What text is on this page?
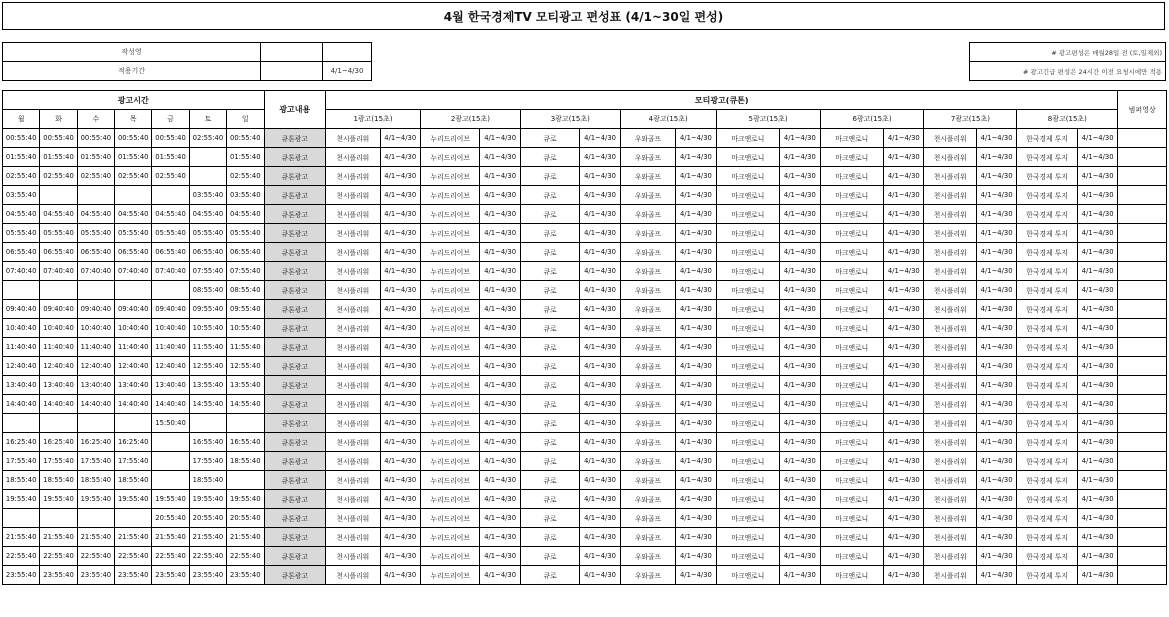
4월 한국경제TV 모티광고 편성표 (4/1~30일 편성)
작성영		
적용기간		4/1~4/30
# 광고편성은 매월28일 전 (토,일제외)
# 광고긴급 편성은 24시간 이전 요청시에만 적용
광고시간							광고내용	모티광고(큐톤)																범퍼영상
월	화	수	목	금	토	일		1광고(15초)		2광고(15초)		3광고(15초)		4광고(15초)		5광고(15초)		6광고(15초)		7광고(15초)		8광고(15초)		
00:55:40	00:55:40	00:55:40	00:55:40	00:55:40	02:55:40	00:55:40	큐톤광고	천시플리워	4/1~4/30	누리드리이브	4/1~4/30	큐로	4/1~4/30	우와골프	4/1~4/30	마크앤로니	4/1~4/30	마크앤로니	4/1~4/30	천시플리워	4/1~4/30	한국경제 투지	4/1~4/30	
01:55:40	01:55:40	01:55:40	01:55:40	01:55:40		01:55:40	큐톤광고	천시플리워	4/1~4/30	누리드리이브	4/1~4/30	큐로	4/1~4/30	우와골프	4/1~4/30	마크앤로니	4/1~4/30	마크앤로니	4/1~4/30	천시플리워	4/1~4/30	한국경제 투지	4/1~4/30	
02:55:40	02:55:40	02:55:40	02:55:40	02:55:40		02:55:40	큐톤광고	천시플리워	4/1~4/30	누리드리이브	4/1~4/30	큐로	4/1~4/30	우와골프	4/1~4/30	마크앤로니	4/1~4/30	마크앤로니	4/1~4/30	천시플리워	4/1~4/30	한국경제 투지	4/1~4/30	
03:55:40					03:55:40	03:55:40	큐톤광고	천시플리워	4/1~4/30	누리드리이브	4/1~4/30	큐로	4/1~4/30	우와골프	4/1~4/30	마크앤로니	4/1~4/30	마크앤로니	4/1~4/30	천시플리워	4/1~4/30	한국경제 투지	4/1~4/30	
04:55:40	04:55:40	04:55:40	04:55:40	04:55:40	04:55:40	04:55:40	큐톤광고	천시플리워	4/1~4/30	누리드리이브	4/1~4/30	큐로	4/1~4/30	우와골프	4/1~4/30	마크앤로니	4/1~4/30	마크앤로니	4/1~4/30	천시플리워	4/1~4/30	한국경제 투지	4/1~4/30	
05:55:40	05:55:40	05:55:40	05:55:40	05:55:40	05:55:40	05:55:40	큐톤광고	천시플리워	4/1~4/30	누리드리이브	4/1~4/30	큐로	4/1~4/30	우와골프	4/1~4/30	마크앤로니	4/1~4/30	마크앤로니	4/1~4/30	천시플리워	4/1~4/30	한국경제 투지	4/1~4/30	
06:55:40	06:55:40	06:55:40	06:55:40	06:55:40	06:55:40	06:55:40	큐톤광고	천시플리워	4/1~4/30	누리드리이브	4/1~4/30	큐로	4/1~4/30	우와골프	4/1~4/30	마크앤로니	4/1~4/30	마크앤로니	4/1~4/30	천시플리워	4/1~4/30	한국경제 투지	4/1~4/30	
07:40:40	07:40:40	07:40:40	07:40:40	07:40:40	07:55:40	07:55:40	큐톤광고	천시플리워	4/1~4/30	누리드리이브	4/1~4/30	큐로	4/1~4/30	우와골프	4/1~4/30	마크앤로니	4/1~4/30	마크앤로니	4/1~4/30	천시플리워	4/1~4/30	한국경제 투지	4/1~4/30	
					08:55:40	08:55:40	큐톤광고	천시플리워	4/1~4/30	누리드리이브	4/1~4/30	큐로	4/1~4/30	우와골프	4/1~4/30	마크앤로니	4/1~4/30	마크앤로니	4/1~4/30	천시플리워	4/1~4/30	한국경제 투지	4/1~4/30	
09:40:40	09:40:40	09:40:40	09:40:40	09:40:40	09:55:40	09:55:40	큐톤광고	천시플리워	4/1~4/30	누리드리이브	4/1~4/30	큐로	4/1~4/30	우와골프	4/1~4/30	마크앤로니	4/1~4/30	마크앤로니	4/1~4/30	천시플리워	4/1~4/30	한국경제 투지	4/1~4/30	
10:40:40	10:40:40	10:40:40	10:40:40	10:40:40	10:55:40	10:55:40	큐톤광고	천시플리워	4/1~4/30	누리드리이브	4/1~4/30	큐로	4/1~4/30	우와골프	4/1~4/30	마크앤로니	4/1~4/30	마크앤로니	4/1~4/30	천시플리워	4/1~4/30	한국경제 투지	4/1~4/30	
11:40:40	11:40:40	11:40:40	11:40:40	11:40:40	11:55:40	11:55:40	큐톤광고	천시플리워	4/1~4/30	누리드리이브	4/1~4/30	큐로	4/1~4/30	우와골프	4/1~4/30	마크앤로니	4/1~4/30	마크앤로니	4/1~4/30	천시플리워	4/1~4/30	한국경제 투지	4/1~4/30	
12:40:40	12:40:40	12:40:40	12:40:40	12:40:40	12:55:40	12:55:40	큐톤광고	천시플리워	4/1~4/30	누리드리이브	4/1~4/30	큐로	4/1~4/30	우와골프	4/1~4/30	마크앤로니	4/1~4/30	마크앤로니	4/1~4/30	천시플리워	4/1~4/30	한국경제 투지	4/1~4/30	
13:40:40	13:40:40	13:40:40	13:40:40	13:40:40	13:55:40	13:55:40	큐톤광고	천시플리워	4/1~4/30	누리드리이브	4/1~4/30	큐로	4/1~4/30	우와골프	4/1~4/30	마크앤로니	4/1~4/30	마크앤로니	4/1~4/30	천시플리워	4/1~4/30	한국경제 투지	4/1~4/30	
14:40:40	14:40:40	14:40:40	14:40:40	14:40:40	14:55:40	14:55:40	큐톤광고	천시플리워	4/1~4/30	누리드리이브	4/1~4/30	큐로	4/1~4/30	우와골프	4/1~4/30	마크앤로니	4/1~4/30	마크앤로니	4/1~4/30	천시플리워	4/1~4/30	한국경제 투지	4/1~4/30	
				15:50:40			큐톤광고	천시플리워	4/1~4/30	누리드리이브	4/1~4/30	큐로	4/1~4/30	우와골프	4/1~4/30	마크앤로니	4/1~4/30	마크앤로니	4/1~4/30	천시플리워	4/1~4/30	한국경제 투지	4/1~4/30	
16:25:40	16:25:40	16:25:40	16:25:40		16:55:40	16:55:40	큐톤광고	천시플리워	4/1~4/30	누리드리이브	4/1~4/30	큐로	4/1~4/30	우와골프	4/1~4/30	마크앤로니	4/1~4/30	마크앤로니	4/1~4/30	천시플리워	4/1~4/30	한국경제 투지	4/1~4/30	
17:55:40	17:55:40	17:55:40	17:55:40		17:55:40	18:55:40	큐톤광고	천시플리워	4/1~4/30	누리드리이브	4/1~4/30	큐로	4/1~4/30	우와골프	4/1~4/30	마크앤로니	4/1~4/30	마크앤로니	4/1~4/30	천시플리워	4/1~4/30	한국경제 투지	4/1~4/30	
18:55:40	18:55:40	18:55:40	18:55:40		18:55:40		큐톤광고	천시플리워	4/1~4/30	누리드리이브	4/1~4/30	큐로	4/1~4/30	우와골프	4/1~4/30	마크앤로니	4/1~4/30	마크앤로니	4/1~4/30	천시플리워	4/1~4/30	한국경제 투지	4/1~4/30	
19:55:40	19:55:40	19:55:40	19:55:40	19:55:40	19:55:40	19:55:40	큐톤광고	천시플리워	4/1~4/30	누리드리이브	4/1~4/30	큐로	4/1~4/30	우와골프	4/1~4/30	마크앤로니	4/1~4/30	마크앤로니	4/1~4/30	천시플리워	4/1~4/30	한국경제 투지	4/1~4/30	
				20:55:40	20:55:40	20:55:40	큐톤광고	천시플리워	4/1~4/30	누리드리이브	4/1~4/30	큐로	4/1~4/30	우와골프	4/1~4/30	마크앤로니	4/1~4/30	마크앤로니	4/1~4/30	천시플리워	4/1~4/30	한국경제 투지	4/1~4/30	
21:55:40	21:55:40	21:55:40	21:55:40	21:55:40	21:55:40	21:55:40	큐톤광고	천시플리워	4/1~4/30	누리드리이브	4/1~4/30	큐로	4/1~4/30	우와골프	4/1~4/30	마크앤로니	4/1~4/30	마크앤로니	4/1~4/30	천시플리워	4/1~4/30	한국경제 투지	4/1~4/30	
22:55:40	22:55:40	22:55:40	22:55:40	22:55:40	22:55:40	22:55:40	큐톤광고	천시플리워	4/1~4/30	누리드리이브	4/1~4/30	큐로	4/1~4/30	우와골프	4/1~4/30	마크앤로니	4/1~4/30	마크앤로니	4/1~4/30	천시플리워	4/1~4/30	한국경제 투지	4/1~4/30	
23:55:40	23:55:40	23:55:40	23:55:40	23:55:40	23:55:40	23:55:40	큐톤광고	천시플리워	4/1~4/30	누리드리이브	4/1~4/30	큐로	4/1~4/30	우와골프	4/1~4/30	마크앤로니	4/1~4/30	마크앤로니	4/1~4/30	천시플리워	4/1~4/30	한국경제 투지	4/1~4/30	
